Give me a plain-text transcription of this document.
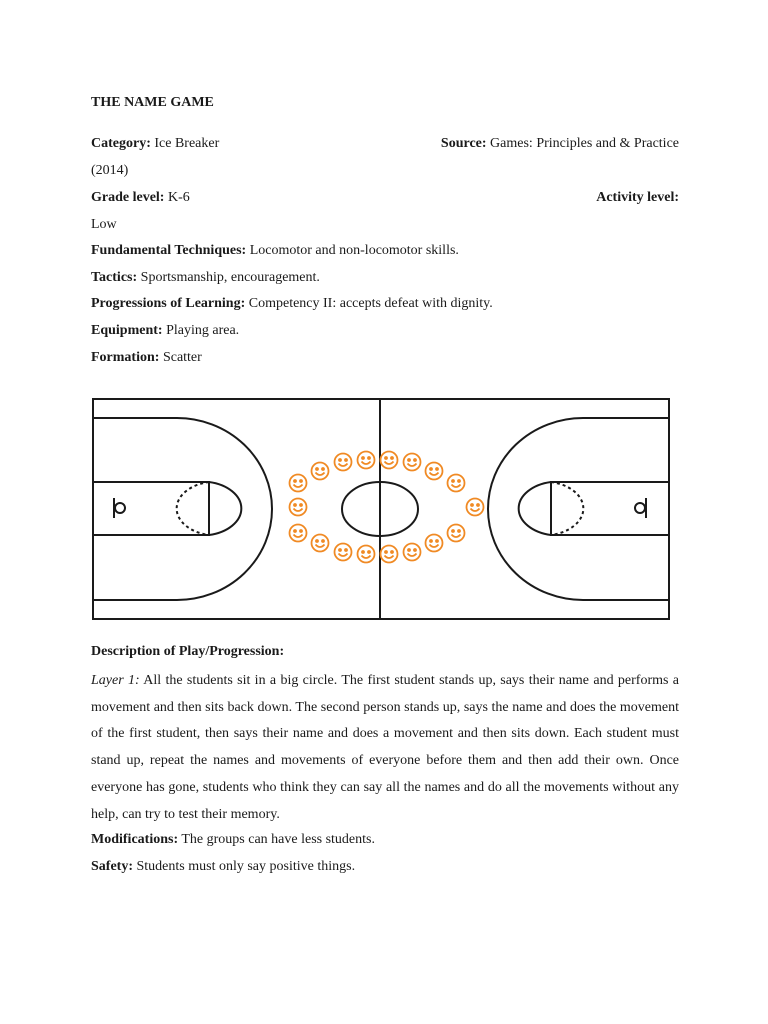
THE NAME GAME
Category: Ice Breaker	Source: Games: Principles and & Practice
(2014)
Grade level: K-6	Activity level:
Low
Fundamental Techniques: Locomotor and non-locomotor skills.
Tactics: Sportsmanship, encouragement.
Progressions of Learning: Competency II: accepts defeat with dignity.
Equipment: Playing area.
Formation: Scatter
Description of Play/Progression:
Layer 1: All the students sit in a big circle. The first student stands up, says their name and performs a movement and then sits back down. The second person stands up, says the name and does the movement of the first student, then says their name and does a movement and then sits down. Each student must stand up, repeat the names and movements of everyone before them and then add their own. Once everyone has gone, students who think they can say all the names and do all the movements without any help, can try to test their memory.
Modifications: The groups can have less students.
Safety: Students must only say positive things.
